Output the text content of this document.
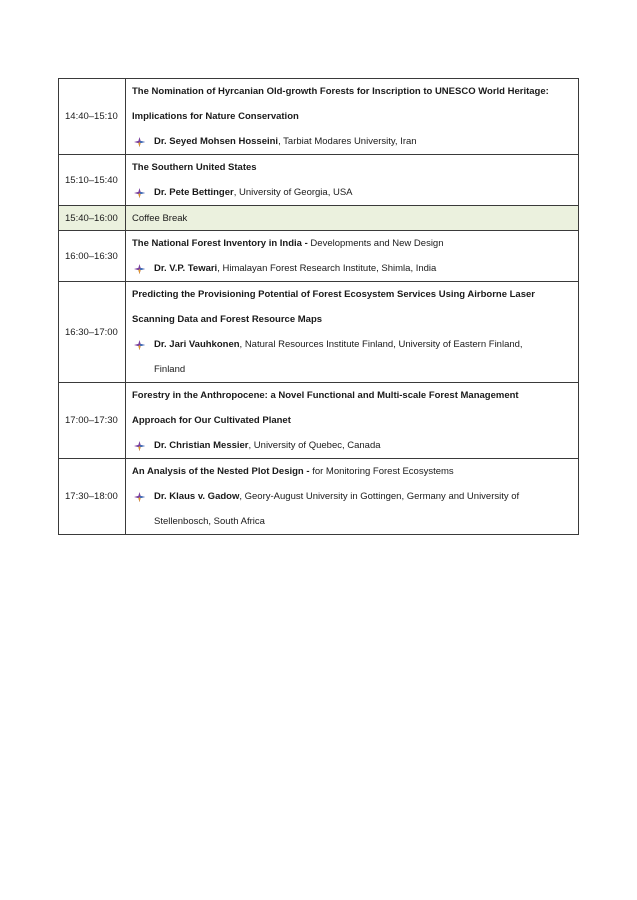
14:40–15:10	The Nomination of Hyrcanian Old-growth Forests for Inscription to UNESCO World Heritage:
Implications for Nature Conservation
Dr. Seyed Mohsen Hosseini, Tarbiat Modares University, Iran

15:10–15:40	The Southern United States
Dr. Pete Bettinger, University of Georgia, USA

15:40–16:00	Coffee Break
16:00–16:30	The National Forest Inventory in India - Developments and New Design
Dr. V.P. Tewari, Himalayan Forest Research Institute, Shimla, India

16:30–17:00	Predicting the Provisioning Potential of Forest Ecosystem Services Using Airborne Laser
Scanning Data and Forest Resource Maps
Dr. Jari Vauhkonen, Natural Resources Institute Finland, University of Eastern Finland,
Finland

17:00–17:30	Forestry in the Anthropocene: a Novel Functional and Multi-scale Forest Management
Approach for Our Cultivated Planet
Dr. Christian Messier, University of Quebec, Canada

17:30–18:00	An Analysis of the Nested Plot Design - for Monitoring Forest Ecosystems
Dr. Klaus v. Gadow, Geory-August University in Gottingen, Germany and University of
Stellenbosch, South Africa
